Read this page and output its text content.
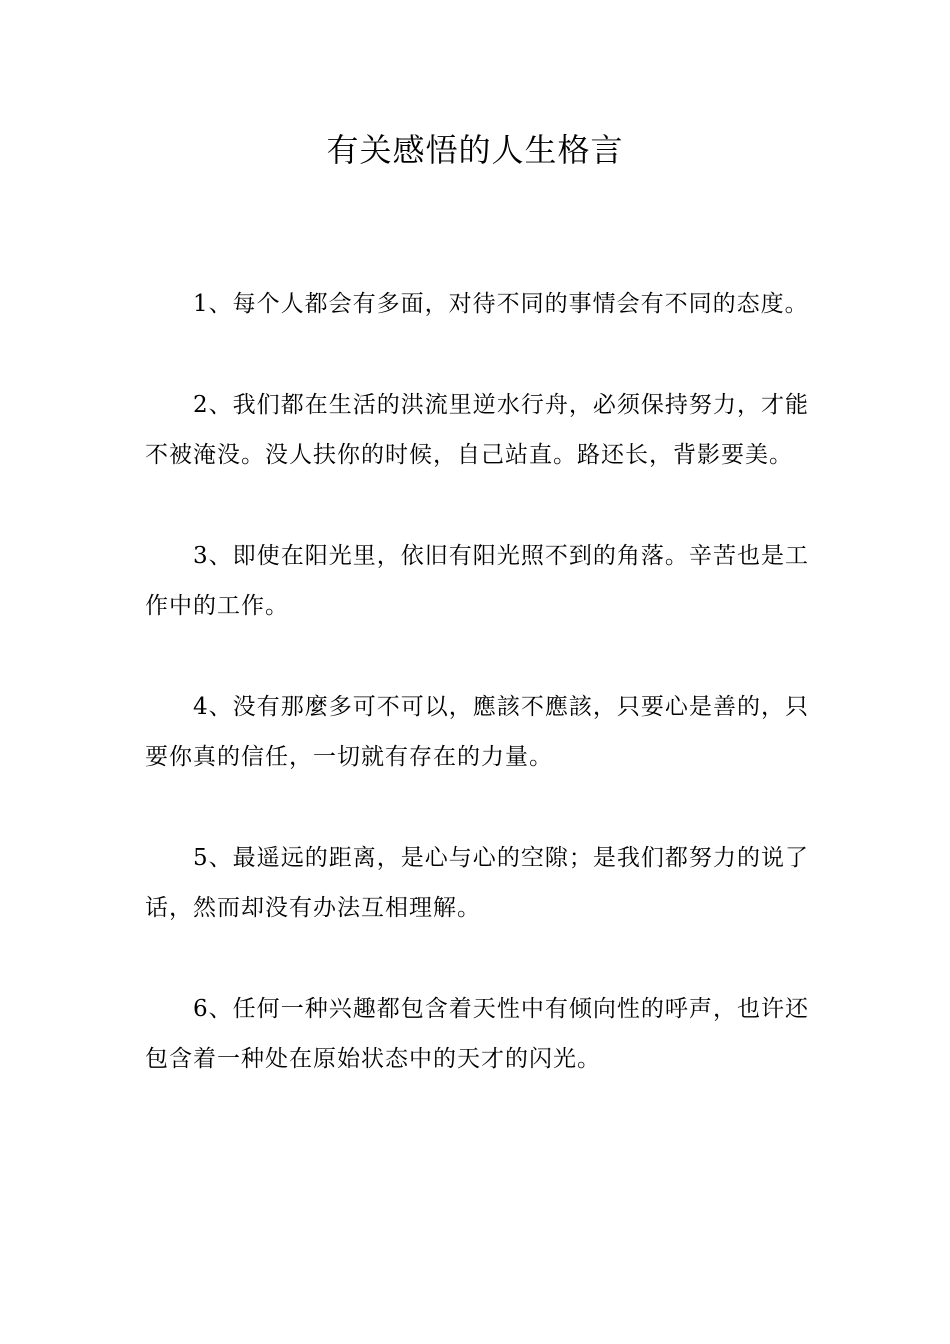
有关感悟的人生格言

1、每个人都会有多面，对待不同的事情会有不同的态度。

2、我们都在生活的洪流里逆水行舟，必须保持努力，才能不被淹没。没人扶你的时候，自己站直。路还长，背影要美。

3、即使在阳光里，依旧有阳光照不到的角落。辛苦也是工作中的工作。

4、没有那麼多可不可以，應該不應該，只要心是善的，只要你真的信任，一切就有存在的力量。

5、最遥远的距离，是心与心的空隙；是我们都努力的说了话，然而却没有办法互相理解。

6、任何一种兴趣都包含着天性中有倾向性的呼声，也许还包含着一种处在原始状态中的天才的闪光。
